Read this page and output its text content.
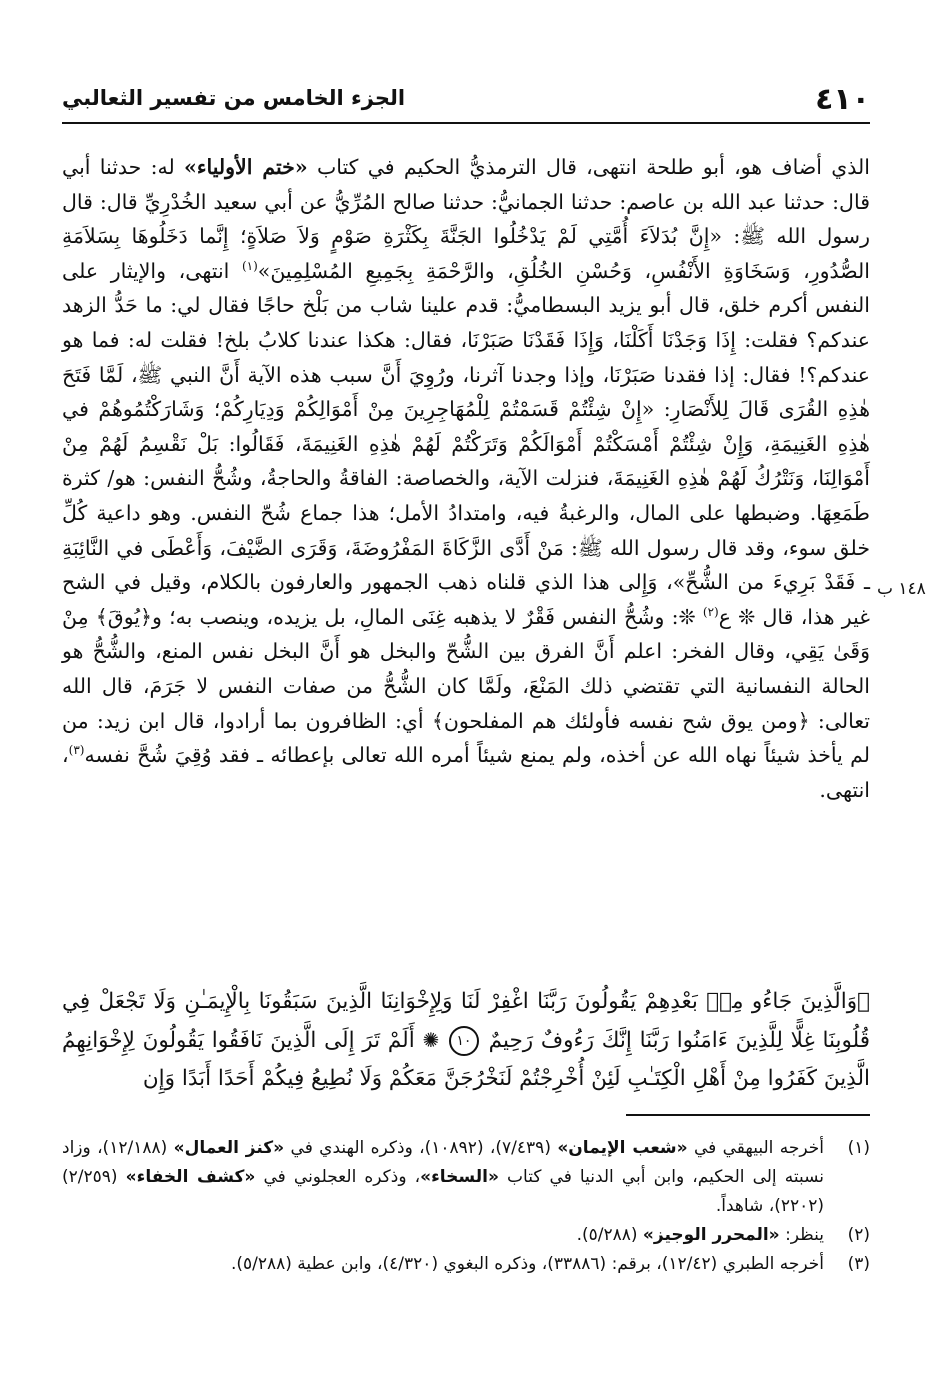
٤١٠
الجزء الخامس من تفسير الثعالبي

الذي أضاف هو، أبو طلحة انتهى، قال الترمذيُّ الحكيم في كتاب «ختم الأولياء» له: حدثنا أبي قال: حدثنا عبد الله بن عاصم: حدثنا الجمانيُّ: حدثنا صالح المُرِّيُّ عن أبي سعيد الخُدْرِيِّ قال: قال رسول الله ﷺ: «إِنَّ بُدَلاَءَ أُمَّتِي لَمْ يَدْخُلُوا الجَنَّةَ بِكَثْرَةِ صَوْمٍ وَلاَ صَلاَةٍ؛ إِنَّما دَخَلُوهَا بِسَلاَمَةِ الصُّدُورِ، وَسَخَاوَةِ الأَنْفُسِ، وَحُسْنِ الخُلُقِ، والرَّحْمَةِ بِجَمِيعِ المُسْلِمِينَ»$^{(١)}$ انتهى، والإيثار على النفس أكرم خلق، قال أبو يزيد البسطاميُّ: قدم علينا شاب من بَلْخ حاجًا فقال لي: ما حَدُّ الزهد عندكم؟ فقلت: إِذَا وَجَدْنَا أَكَلْنَا، وَإِذَا فَقَدْنَا صَبَرْنَا، فقال: هكذا عندنا كلابُ بلخ! فقلت له: فما هو عندكم؟! فقال: إذا فقدنا صَبَرْنَا، وإذا وجدنا آثرنا، ورُوِيَ أَنَّ سبب هذه الآية أَنَّ النبي ﷺ، لَمَّا فَتَحَ هٰذِهِ القُرَى قَالَ لِلأَنْصَارِ: «إِنْ شِئْتُمْ قَسَمْتُمْ لِلْمُهَاجِرِينَ مِنْ أَمْوَالِكُمْ وَدِيَارِكُمْ؛ وَشَارَكْتُمُوهُمْ في هٰذِهِ الغَنِيمَةِ، وَإِنْ شِئْتُمْ أَمْسَكْتُمْ أَمْوَالَكُمْ وَتَرَكْتُمْ لَهُمْ هٰذِهِ الغَنِيمَةَ، فَقَالُوا: بَلْ نَقْسِمُ لَهُمْ مِنْ أَمْوَالِنَا، وَنَتْرُكُ لَهُمْ هٰذِهِ الغَنِيمَةَ، فنزلت الآية، والخصاصة: الفاقةُ والحاجةُ، وشُحُّ النفس: هو/ كثرة طَمَعِهَا. وضبطها على المال، والرغبةُ فيه، وامتدادُ الأمل؛ هذا جماع شُحّ النفس. وهو داعية كُلِّ خلق سوء، وقد قال رسول الله ﷺ: مَنْ أَدَّى الزَّكَاةَ المَفْرُوضَةَ، وَقَرَى الضَّيْفَ، وَأَعْطَى في النَّائِبَةِ ـ فَقَدْ بَرِيءَ من الشُّحِّ»، وَإِلى هذا الذي قلناه ذهب الجمهور والعارفون بالكلام، وقيل في الشح غير هذا، قال ❊ ع$^{(٢)}$ ❊: وشُحُّ النفس فَقْرٌ لا يذهبه غِنَى المالِ، بل يزيده، وينصب به؛ و﴿يُوقَ﴾ مِنْ وَقَىٰ يَقِي، وقال الفخر: اعلم أَنَّ الفرق بين الشُّحّ والبخل هو أَنَّ البخل نفس المنع، والشُّحُّ هو الحالة النفسانية التي تقتضي ذلك المَنْعَ، ولَمَّا كان الشُّحُّ من صفات النفس لا جَرَمَ، قال الله تعالى: ﴿ومن يوق شح نفسه فأولئك هم المفلحون﴾ أي: الظافرون بما أرادوا، قال ابن زيد: من لم يأخذ شيئاً نهاه الله عن أخذه، ولم يمنع شيئاً أمره الله تعالى بإعطائه ـ فقد وُقِيَ شُحَّ نفسه$^{(٣)}$، انتهى.

١٤٨ ب
﴿وَالَّذِينَ جَاءُو مِنۢ بَعْدِهِمْ يَقُولُونَ رَبَّنَا اغْفِرْ لَنَا وَلِإِخْوَانِنَا الَّذِينَ سَبَقُونَا بِالْإِيمَـٰنِ وَلَا تَجْعَلْ فِي قُلُوبِنَا غِلًّا لِلَّذِينَ ءَامَنُوا رَبَّنَا إِنَّكَ رَءُوفٌ رَحِيمٌ ١٠ ✺ أَلَمْ تَرَ إِلَى الَّذِينَ نَافَقُوا يَقُولُونَ لِإِخْوَانِهِمُ الَّذِينَ كَفَرُوا مِنْ أَهْلِ الْكِتَـٰبِ لَئِنْ أُخْرِجْتُمْ لَنَخْرُجَنَّ مَعَكُمْ وَلَا نُطِيعُ فِيكُمْ أَحَدًا أَبَدًا وَإِن
(١)
أخرجه البيهقي في «شعب الإيمان» (٧/٤٣٩)، (١٠٨٩٢)، وذكره الهندي في «كنز العمال» (١٢/١٨٨)، وزاد نسبته إلى الحكيم، وابن أبي الدنيا في كتاب «السخاء»، وذكره العجلوني في «كشف الخفاء» (٢/٢٥٩) (٢٢٠٢)، شاهداً.
(٢)
ينظر: «المحرر الوجيز» (٥/٢٨٨).
(٣)
أخرجه الطبري (١٢/٤٢)، برقم: (٣٣٨٨٦)، وذكره البغوي (٤/٣٢٠)، وابن عطية (٥/٢٨٨).
